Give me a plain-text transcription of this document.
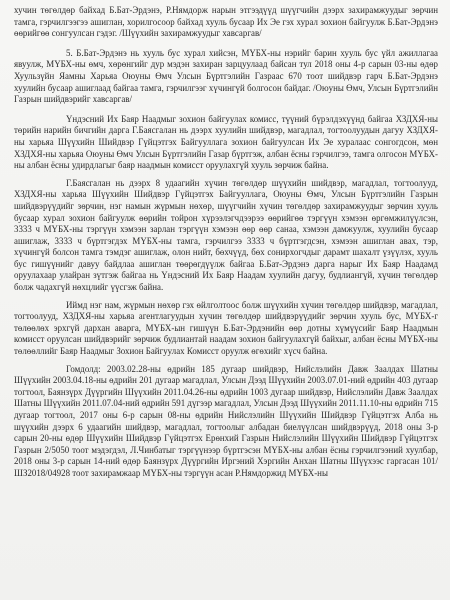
хучин төгөлдөр байхад Б.Бат-Эрдэнэ, Р.Нямдорж нарын этгээдүүд шүүгчийн дээрх захирамжуудыг зөрчин тамга, гэрчилгээгээ ашиглан, хорилгосоор байхад хууль бусаар Их Эе гэх хурал зохион байгуулж Б.Бат-Эрдэнэ өөрийгөө сонгуулсан гэдэг. /Шүүхийн захирамжуудыг хавсаргав/

5. Б.Бат-Эрдэнэ нь хууль бус хурал хийсэн, МҮБХ-ны нэрийг барин хууль бус үйл ажиллагаа явуулж, МҮБХ-ны өмч, хөрөнгийг дур мэдэн захиран зарцуулаад байсан тул 2018 оны 4-р сарын 03-ны өдөр Хуульзүйн Яамны Харьяа Оюуны Өмч Улсын Бүртгэлийн Газраас 670 тоот шийдвэр гарч Б.Бат-Эрдэнэ хуулийн бусаар ашиглаад байгаа тамга, гэрчилгээг хүчингүй болгосон байдаг. /Оюуны Өмч, Улсын Бүртгэлийн Газрын шийдвэрийг хавсаргав/

Үндэсний Их Баяр Наадмыг зохион байгуулах комисс, түүний бүрэлдэхүүнд байгаа ХЗДХЯ-ны төрийн нарийн бичгийн дарга Г.Баясгалан нь дээрх хуулийн шийдвэр, магадлал, тогтоолуудын дагуу ХЗДХЯ-ны харьяа Шүүхийн Шийдвэр Гүйцэтгэх Байгууллага зохион байгуулсан Их Эе хуралаас сонгогдсон, мөн ХЗДХЯ-ны харьяа Оюуны Өмч Улсын Бүртгэлийн Газар бүртгэж, албан ёсны гэрчилгээ, тамга олгосон МҮБХ-ны албан ёсны удирдлагыг баяр наадмын комисст оруулахгүй хууль зөрчиж байна.

Г.Баясгалан нь дээрх 8 удаагийн хүчин төгөлдөр шүүхийн шийдвэр, магадлал, тогтоолууд, ХЗДХЯ-ны харьяа Шүүхийн Шийдвэр Гүйцэтгэх Байгууллага, Оюуны Өмч, Улсын Бүртгэлийн Газрын шийдвэрүүдийг зөрчин, нэг намын жүрмын нөхөр, шүүгчийн хүчин төгөлдөр захирамжуудыг зөрчин хууль бусаар хурал зохион байгуулж өөрийн тойрон хүрээлэгчдээрээ өөрийгөө тэргүүн хэмээн өргөмжилүүлсэн, 3333 ч МҮБХ-ны тэргүүн хэмээн зарлан тэргүүн хэмээн өөр өөр санаа, хэмээн дамжуулж, хуулийн бусаар ашиглаж, 3333 ч бүртгэгдэх МҮБХ-ны тамга, гэрчилгээ 3333 ч бүртгэгдсэн, хэмээн ашиглан авах, тэр, хүчингүй болсон тамга тэмдэг ашиглаж, олон нийт, бөхчүүд, бөх сонирхогчдыг дарамт шахалт үзүүлэх, хууль бус гишүүнийг давуу байдлаа ашиглан төөрөгдүүлж байгаа Б.Бат-Эрдэнэ дарга нарыг Их Баяр Наадамд оруулахаар улайран зүтгэж байгаа нь Үндэсний Их Баяр Наадам хуулийн дагуу, будлиангүй, хүчин төгөлдөр болж чадахгүй нөхцлийг үүсгэж байна.

Иймд нэг нам, жүрмын нөхөр гэх өйлголтоос болж шүүхийн хүчин төгөлдөр шийдвэр, магадлал, тогтоолууд, ХЗДХЯ-ны харьяа агентлагуудын хүчин төгөлдөр шийдвэрүүдийг зөрчин хууль бус, МҮБХ-г төлөөлөх эрхгүй дархан аварга, МҮБХ-ын гишүүн Б.Бат-Эрдэнийн өөр дотны хүмүүсийг Баяр Наадмын комисст оруулсан шийдвэрийг зөрчиж будлиантай наадам зохион байгуулахгүй байхыг, албан ёсны МҮБХ-ны төлөөллийг Баяр Наадмыг Зохион Байгуулах Комисст оруулж өгөхийг хүсч байна.

Гомдолд: 2003.02.28-ны өдрийн 185 дугаар шийдвэр, Нийслэлийн Давж Заалдах Шатны Шүүхийн 2003.04.18-ны өдрийн 201 дугаар магадлал, Улсын Дээд Шүүхийн 2003.07.01-ний өдрийн 403 дугаар тогтоол, Баянзүрх Дүүргийн Шүүхийн 2011.04.26-ны өдрийн 1003 дугаар шийдвэр, Нийслэлийн Давж Заалдах Шатны Шүүхийн 2011.07.04-ний өдрийн 591 дүгээр магадлал, Улсын Дээд Шүүхийн 2011.11.10-ны өдрийн 715 дугаар тогтоол, 2017 оны 6-р сарын 08-ны өдрийн Нийслэлийн Шүүхийн Шийдвэр Гүйцэтгэх Алба нь шүүхийн дээрх 6 удаагийн шийдвэр, магадлал, тогтоолыг албадан биелүүлсан шийдвэрүүд, 2018 оны 3-р сарын 20-ны өдөр Шүүхийн Шийдвэр Гүйцэтгэх Ерөнхий Газрын Нийслэлийн Шүүхийн Шийдвэр Гүйцэтгэх Газрын 2/5050 тоот мэдэгдэл, Л.Чинбатыг тэргүүнээр бүртгэсэн МҮБХ-ны албан ёсны гэрчилгээний хуулбар, 2018 оны 3-р сарын 14-ний өдөр Баянзүрх Дүүргийн Иргэний Хэргийн Анхан Шатны Шүүхээс гаргасан 101/ШЗ2018/04928 тоот захирамжаар МҮБХ-ны тэргүүн асан Р.Нямдоржид МҮБХ-ны
